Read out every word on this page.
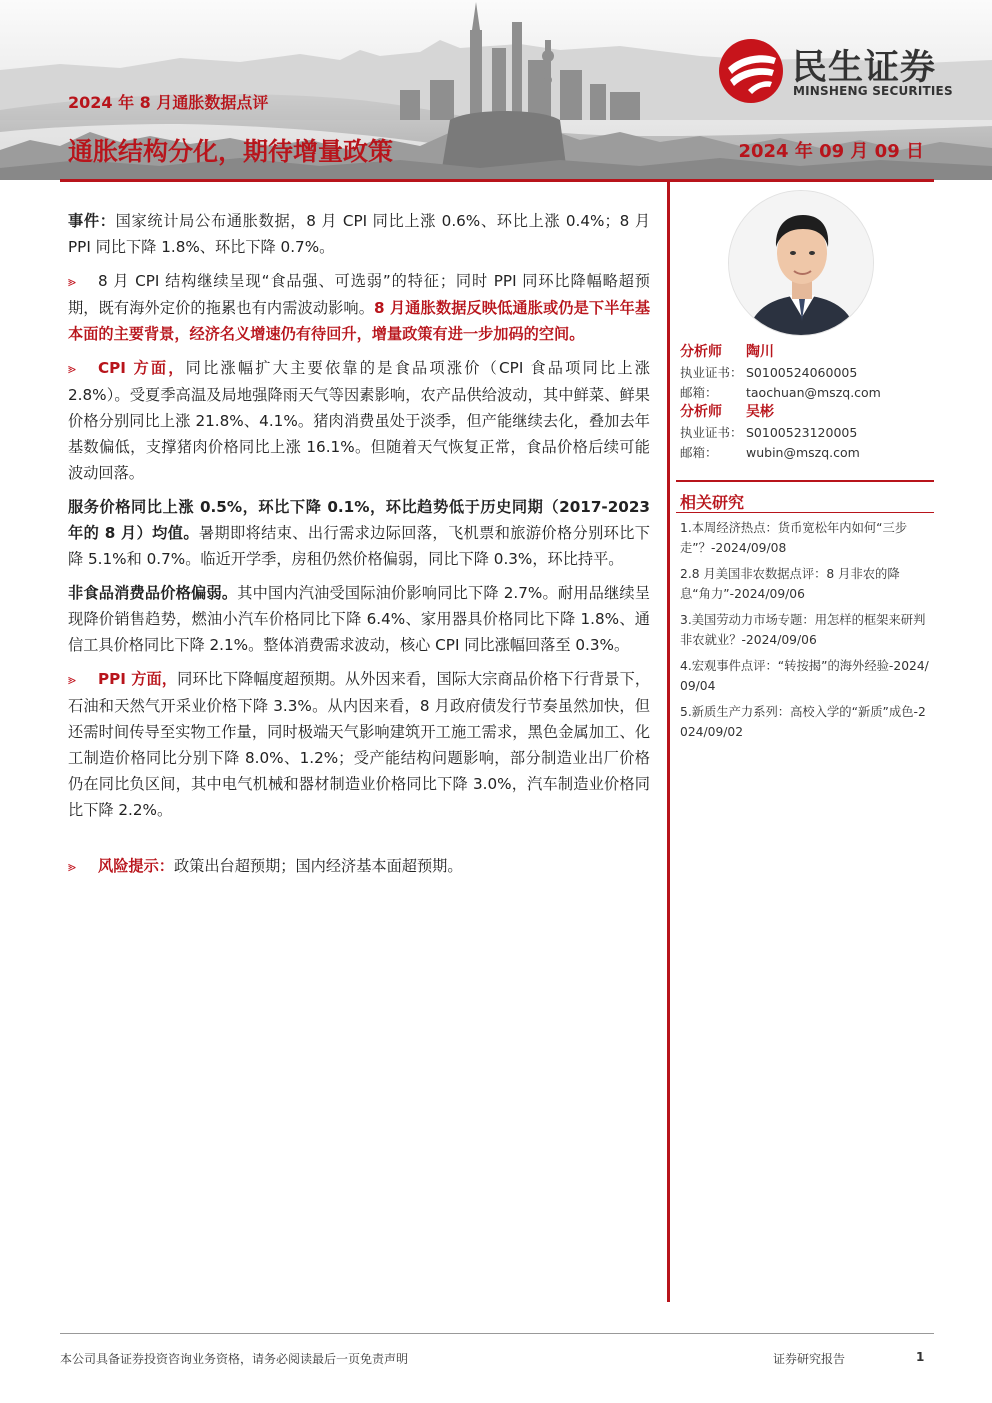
民生证券
MINSHENG SECURITIES
2024 年 8 月通胀数据点评
通胀结构分化，期待增量政策	2024 年 09 月 09 日

事件：国家统计局公布通胀数据，8 月 CPI 同比上涨 0.6%、环比上涨 0.4%；8 月 PPI 同比下降 1.8%、环比下降 0.7%。

⪢ 8 月 CPI 结构继续呈现“食品强、可选弱”的特征；同时 PPI 同环比降幅略超预期，既有海外定价的拖累也有内需波动影响。8 月通胀数据反映低通胀或仍是下半年基本面的主要背景，经济名义增速仍有待回升，增量政策有进一步加码的空间。

⪢ CPI 方面，同比涨幅扩大主要依靠的是食品项涨价（CPI 食品项同比上涨 2.8%）。受夏季高温及局地强降雨天气等因素影响，农产品供给波动，其中鲜菜、鲜果价格分别同比上涨 21.8%、4.1%。猪肉消费虽处于淡季，但产能继续去化，叠加去年基数偏低，支撑猪肉价格同比上涨 16.1%。但随着天气恢复正常，食品价格后续可能波动回落。

服务价格同比上涨 0.5%，环比下降 0.1%，环比趋势低于历史同期（2017-2023 年的 8 月）均值。暑期即将结束、出行需求边际回落，飞机票和旅游价格分别环比下降 5.1%和 0.7%。临近开学季，房租仍然价格偏弱，同比下降 0.3%，环比持平。

非食品消费品价格偏弱。其中国内汽油受国际油价影响同比下降 2.7%。耐用品继续呈现降价销售趋势，燃油小汽车价格同比下降 6.4%、家用器具价格同比下降 1.8%、通信工具价格同比下降 2.1%。整体消费需求波动，核心 CPI 同比涨幅回落至 0.3%。

⪢ PPI 方面，同环比下降幅度超预期。从外因来看，国际大宗商品价格下行背景下，石油和天然气开采业价格下降 3.3%。从内因来看，8 月政府债发行节奏虽然加快，但还需时间传导至实物工作量，同时极端天气影响建筑开工施工需求，黑色金属加工、化工制造价格同比分别下降 8.0%、1.2%；受产能结构问题影响，部分制造业出厂价格仍在同比负区间，其中电气机械和器材制造业价格同比下降 3.0%，汽车制造业价格同比下降 2.2%。

⪢ 风险提示：政策出台超预期；国内经济基本面超预期。

分析师 陶川
执业证书： S0100524060005
邮箱： taochuan@mszq.com
分析师 吴彬
执业证书： S0100523120005
邮箱： wubin@mszq.com
相关研究
1.本周经济热点：货币宽松年内如何“三步走”？-2024/09/08
2.8 月美国非农数据点评：8 月非农的降息“角力”-2024/09/06
3.美国劳动力市场专题：用怎样的框架来研判非农就业？-2024/09/06
4.宏观事件点评：“转按揭”的海外经验-2024/09/04
5.新质生产力系列：高校入学的“新质”成色-2024/09/02
本公司具备证券投资咨询业务资格，请务必阅读最后一页免责声明	证券研究报告	1
